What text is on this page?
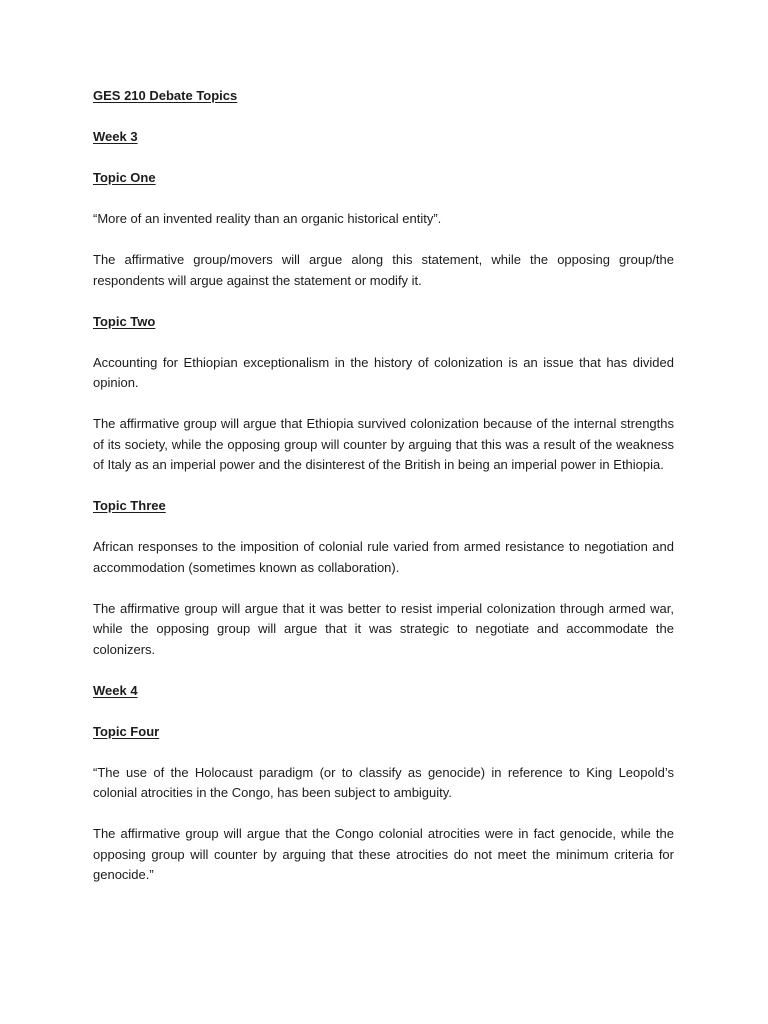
GES 210 Debate Topics

Week 3

Topic One

“More of an invented reality than an organic historical entity”.

The affirmative group/movers will argue along this statement, while the opposing group/the respondents will argue against the statement or modify it.

Topic Two

Accounting for Ethiopian exceptionalism in the history of colonization is an issue that has divided opinion.

The affirmative group will argue that Ethiopia survived colonization because of the internal strengths of its society, while the opposing group will counter by arguing that this was a result of the weakness of Italy as an imperial power and the disinterest of the British in being an imperial power in Ethiopia.

Topic Three

African responses to the imposition of colonial rule varied from armed resistance to negotiation and accommodation (sometimes known as collaboration).

The affirmative group will argue that it was better to resist imperial colonization through armed war, while the opposing group will argue that it was strategic to negotiate and accommodate the colonizers.

Week 4

Topic Four

“The use of the Holocaust paradigm (or to classify as genocide) in reference to King Leopold’s colonial atrocities in the Congo, has been subject to ambiguity.

The affirmative group will argue that the Congo colonial atrocities were in fact genocide, while the opposing group will counter by arguing that these atrocities do not meet the minimum criteria for genocide.”
